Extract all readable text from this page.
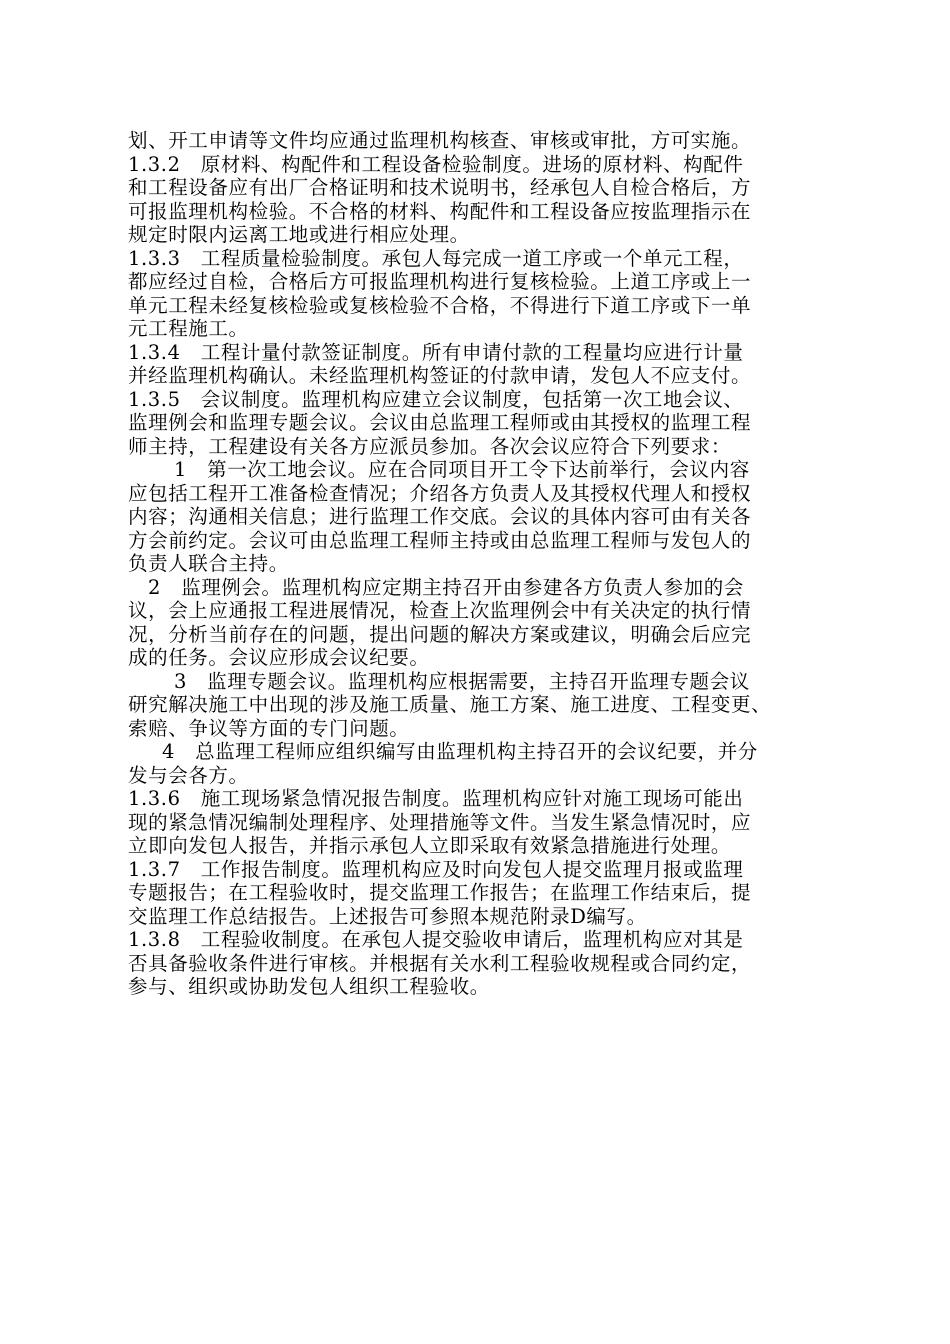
划、开工申请等文件均应通过监理机构核查、审核或审批，方可实施。
1.3.2　原材料、构配件和工程设备检验制度。进场的原材料、构配件
和工程设备应有出厂合格证明和技术说明书，经承包人自检合格后，方
可报监理机构检验。不合格的材料、构配件和工程设备应按监理指示在
规定时限内运离工地或进行相应处理。
1.3.3　工程质量检验制度。承包人每完成一道工序或一个单元工程，
都应经过自检，合格后方可报监理机构进行复核检验。上道工序或上一
单元工程未经复核检验或复核检验不合格，不得进行下道工序或下一单
元工程施工。
1.3.4　工程计量付款签证制度。所有申请付款的工程量均应进行计量
并经监理机构确认。未经监理机构签证的付款申请，发包人不应支付。
1.3.5　会议制度。监理机构应建立会议制度，包括第一次工地会议、
监理例会和监理专题会议。会议由总监理工程师或由其授权的监理工程
师主持，工程建设有关各方应派员参加。各次会议应符合下列要求：
1　第一次工地会议。应在合同项目开工令下达前举行，会议内容
应包括工程开工准备检查情况；介绍各方负责人及其授权代理人和授权
内容；沟通相关信息；进行监理工作交底。会议的具体内容可由有关各
方会前约定。会议可由总监理工程师主持或由总监理工程师与发包人的
负责人联合主持。
2　监理例会。监理机构应定期主持召开由参建各方负责人参加的会
议，会上应通报工程进展情况，检查上次监理例会中有关决定的执行情
况，分析当前存在的问题，提出问题的解决方案或建议，明确会后应完
成的任务。会议应形成会议纪要。
3　监理专题会议。监理机构应根据需要，主持召开监理专题会议
研究解决施工中出现的涉及施工质量、施工方案、施工进度、工程变更、
索赔、争议等方面的专门问题。
4　总监理工程师应组织编写由监理机构主持召开的会议纪要，并分
发与会各方。
1.3.6　施工现场紧急情况报告制度。监理机构应针对施工现场可能出
现的紧急情况编制处理程序、处理措施等文件。当发生紧急情况时，应
立即向发包人报告，并指示承包人立即采取有效紧急措施进行处理。
1.3.7　工作报告制度。监理机构应及时向发包人提交监理月报或监理
专题报告；在工程验收时，提交监理工作报告；在监理工作结束后，提
交监理工作总结报告。上述报告可参照本规范附录D编写。
1.3.8　工程验收制度。在承包人提交验收申请后，监理机构应对其是
否具备验收条件进行审核。并根据有关水利工程验收规程或合同约定，
参与、组织或协助发包人组织工程验收。
